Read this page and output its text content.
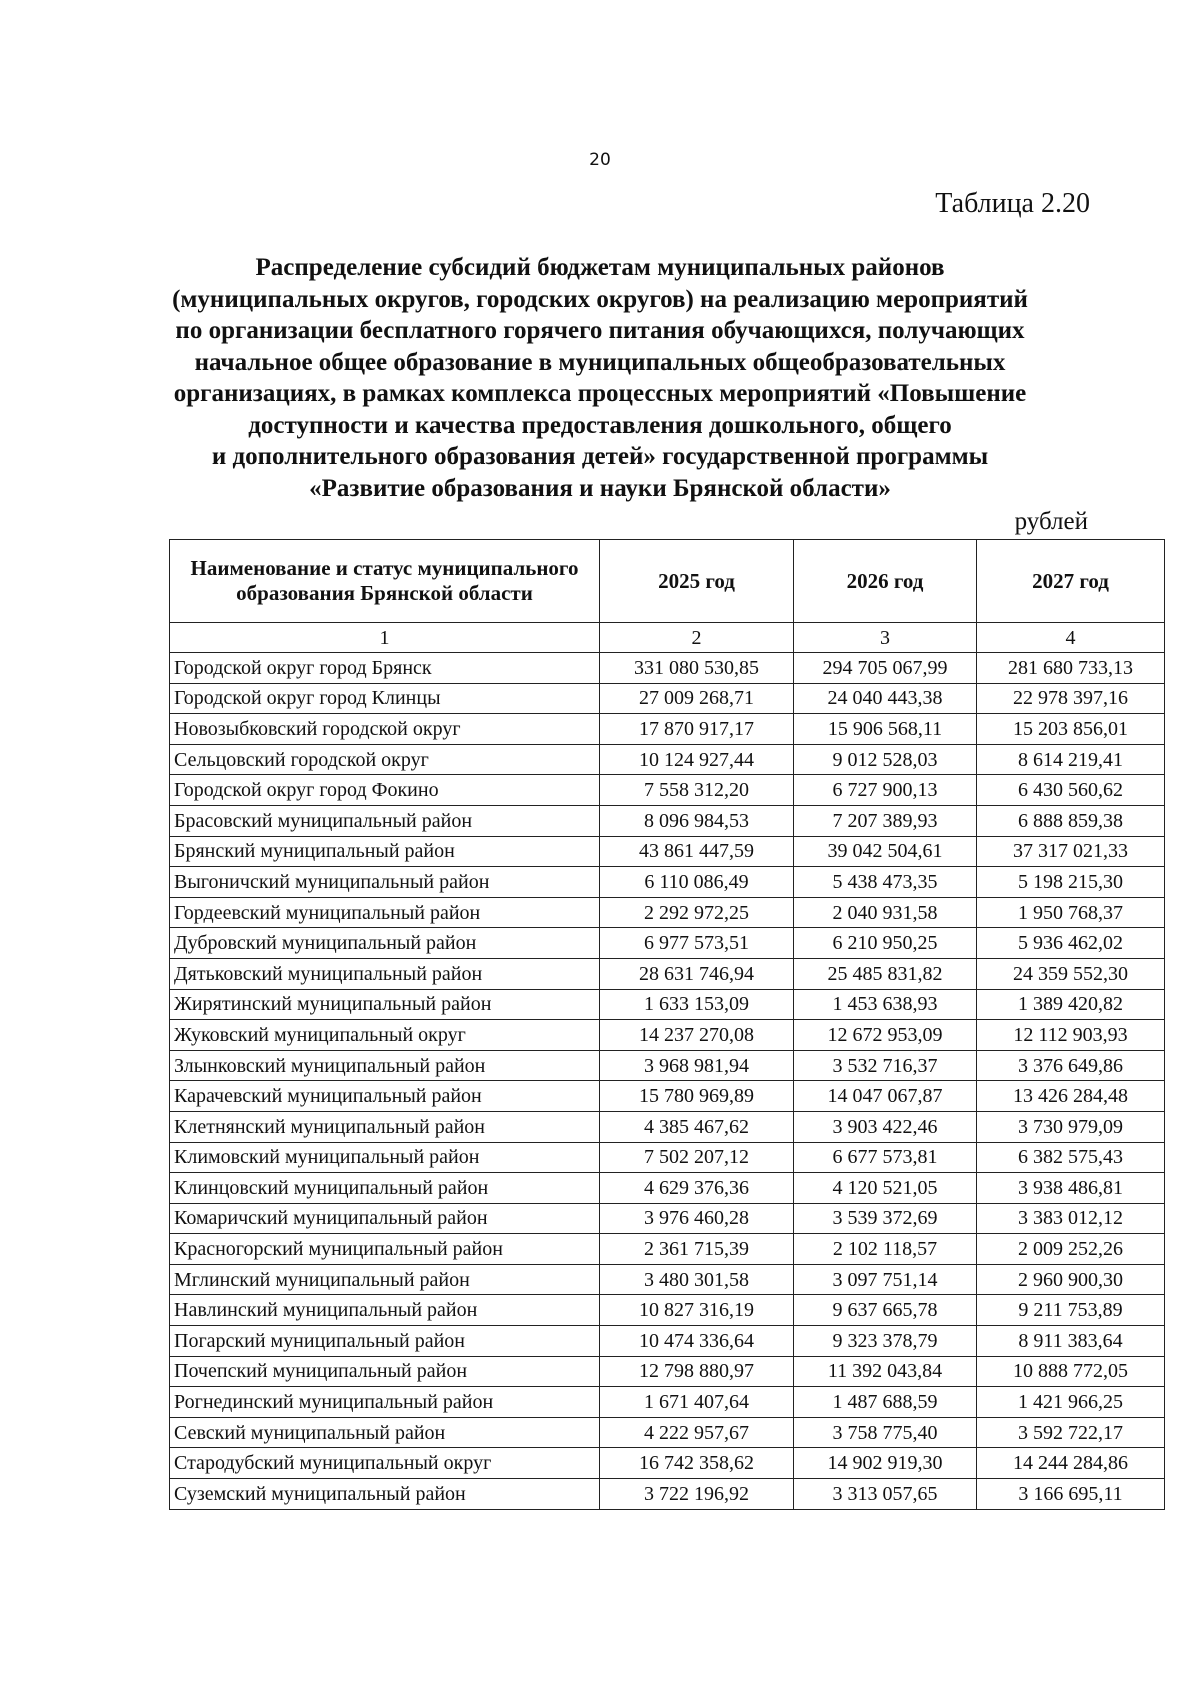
20
Таблица 2.20
Распределение субсидий бюджетам муниципальных районов
(муниципальных округов, городских округов) на реализацию мероприятий
по организации бесплатного горячего питания обучающихся, получающих
начальное общее образование в муниципальных общеобразовательных
организациях, в рамках комплекса процессных мероприятий «Повышение
доступности и качества предоставления дошкольного, общего
и дополнительного образования детей» государственной программы
«Развитие образования и науки Брянской области»
рублей
Наименование и статус муниципального образования Брянской области	2025 год	2026 год	2027 год
1	2	3	4
Городской округ город Брянск	331 080 530,85	294 705 067,99	281 680 733,13
Городской округ город Клинцы	27 009 268,71	24 040 443,38	22 978 397,16
Новозыбковский городской округ	17 870 917,17	15 906 568,11	15 203 856,01
Сельцовский городской округ	10 124 927,44	9 012 528,03	8 614 219,41
Городской округ город Фокино	7 558 312,20	6 727 900,13	6 430 560,62
Брасовский муниципальный район	8 096 984,53	7 207 389,93	6 888 859,38
Брянский муниципальный район	43 861 447,59	39 042 504,61	37 317 021,33
Выгоничский муниципальный район	6 110 086,49	5 438 473,35	5 198 215,30
Гордеевский муниципальный район	2 292 972,25	2 040 931,58	1 950 768,37
Дубровский муниципальный район	6 977 573,51	6 210 950,25	5 936 462,02
Дятьковский муниципальный район	28 631 746,94	25 485 831,82	24 359 552,30
Жирятинский муниципальный район	1 633 153,09	1 453 638,93	1 389 420,82
Жуковский муниципальный округ	14 237 270,08	12 672 953,09	12 112 903,93
Злынковский муниципальный район	3 968 981,94	3 532 716,37	3 376 649,86
Карачевский муниципальный район	15 780 969,89	14 047 067,87	13 426 284,48
Клетнянский муниципальный район	4 385 467,62	3 903 422,46	3 730 979,09
Климовский муниципальный район	7 502 207,12	6 677 573,81	6 382 575,43
Клинцовский муниципальный район	4 629 376,36	4 120 521,05	3 938 486,81
Комаричский муниципальный район	3 976 460,28	3 539 372,69	3 383 012,12
Красногорский муниципальный район	2 361 715,39	2 102 118,57	2 009 252,26
Мглинский муниципальный район	3 480 301,58	3 097 751,14	2 960 900,30
Навлинский муниципальный район	10 827 316,19	9 637 665,78	9 211 753,89
Погарский муниципальный район	10 474 336,64	9 323 378,79	8 911 383,64
Почепский муниципальный район	12 798 880,97	11 392 043,84	10 888 772,05
Рогнединский муниципальный район	1 671 407,64	1 487 688,59	1 421 966,25
Севский муниципальный район	4 222 957,67	3 758 775,40	3 592 722,17
Стародубский муниципальный округ	16 742 358,62	14 902 919,30	14 244 284,86
Суземский муниципальный район	3 722 196,92	3 313 057,65	3 166 695,11
